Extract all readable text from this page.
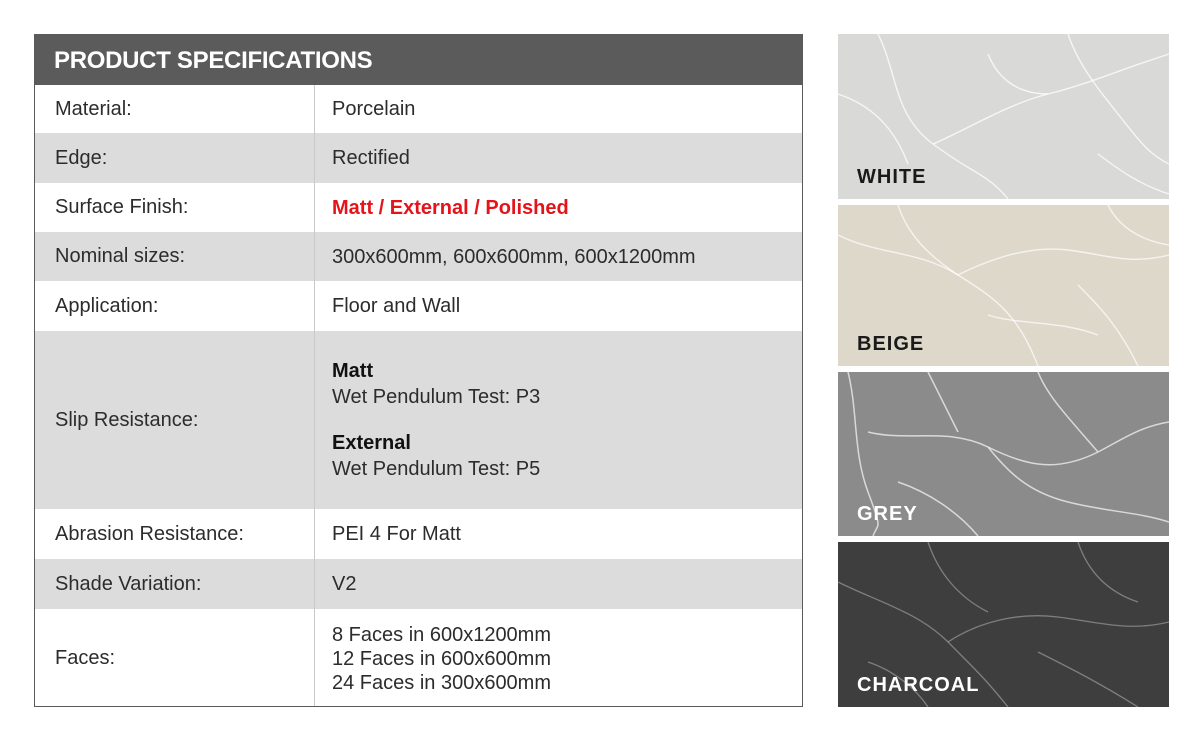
PRODUCT SPECIFICATIONS
Material:	Porcelain
Edge:	Rectified
Surface Finish:	Matt / External / Polished
Nominal sizes:	300x600mm, 600x600mm, 600x1200mm
Application:	Floor and Wall
Slip Resistance:
Matt
Wet Pendulum Test: P3
External
Wet Pendulum Test: P5
Abrasion Resistance:	PEI 4 For Matt
Shade Variation:	V2
Faces:
8 Faces in 600x1200mm
12 Faces in 600x600mm
24 Faces in 300x600mm
WHITE
BEIGE
GREY
CHARCOAL
